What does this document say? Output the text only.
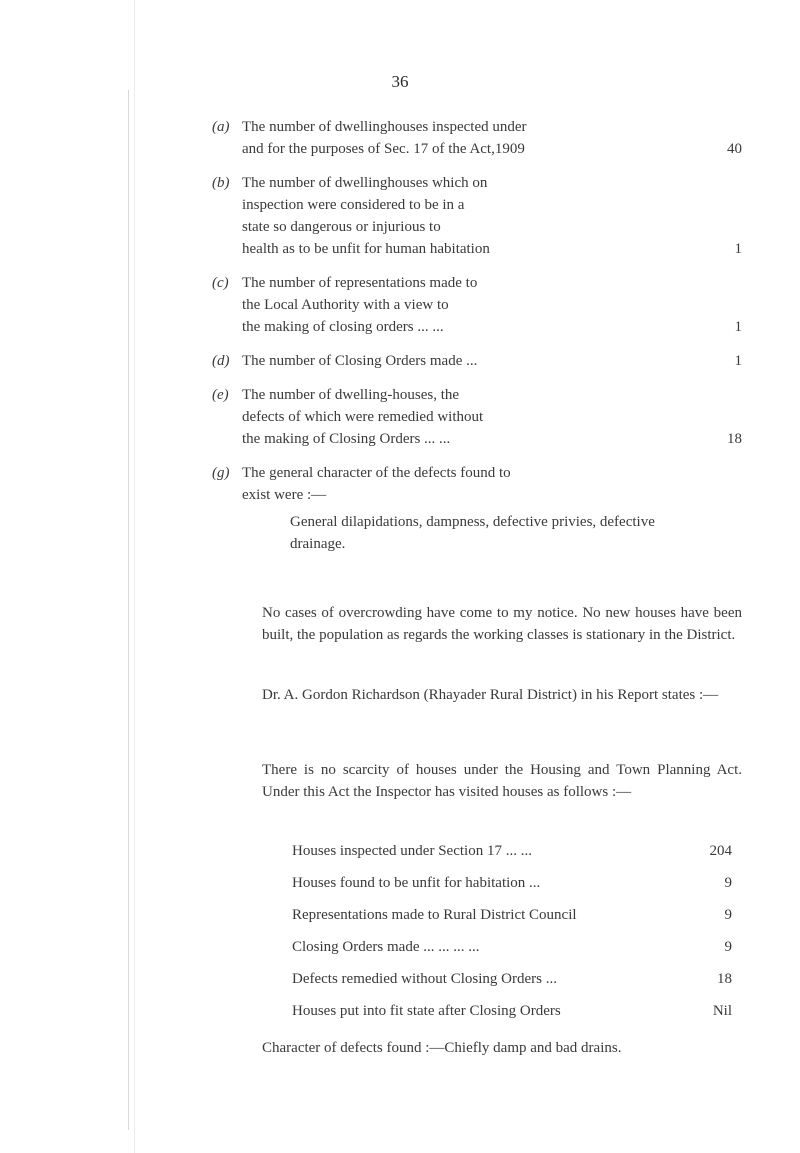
36
(a) The number of dwellinghouses inspected under
and for the purposes of Sec. 17 of the Act,1909	40
(b) The number of dwellinghouses which on
inspection were considered to be in a
state so dangerous or injurious to
health as to be unfit for human habitation	1
(c) The number of representations made to
the Local Authority with a view to
the making of closing orders ... ...	1
(d) The number of Closing Orders made ...	1
(e) The number of dwelling-houses, the
defects of which were remedied without
the making of Closing Orders ... ...	18
(g) The general character of the defects found to
exist were :—
General dilapidations, dampness, defective privies, defective drainage.
No cases of overcrowding have come to my notice. No new houses have been built, the population as regards the working classes is stationary in the District.
Dr. A. Gordon Richardson (Rhayader Rural District) in his Report states :—
There is no scarcity of houses under the Housing and Town Planning Act. Under this Act the Inspector has visited houses as follows :—
Houses inspected under Section 17 ... ...	204
Houses found to be unfit for habitation ...	9
Representations made to Rural District Council	9
Closing Orders made ... ... ... ...	9
Defects remedied without Closing Orders ...	18
Houses put into fit state after Closing Orders	Nil
Character of defects found :—Chiefly damp and bad drains.
